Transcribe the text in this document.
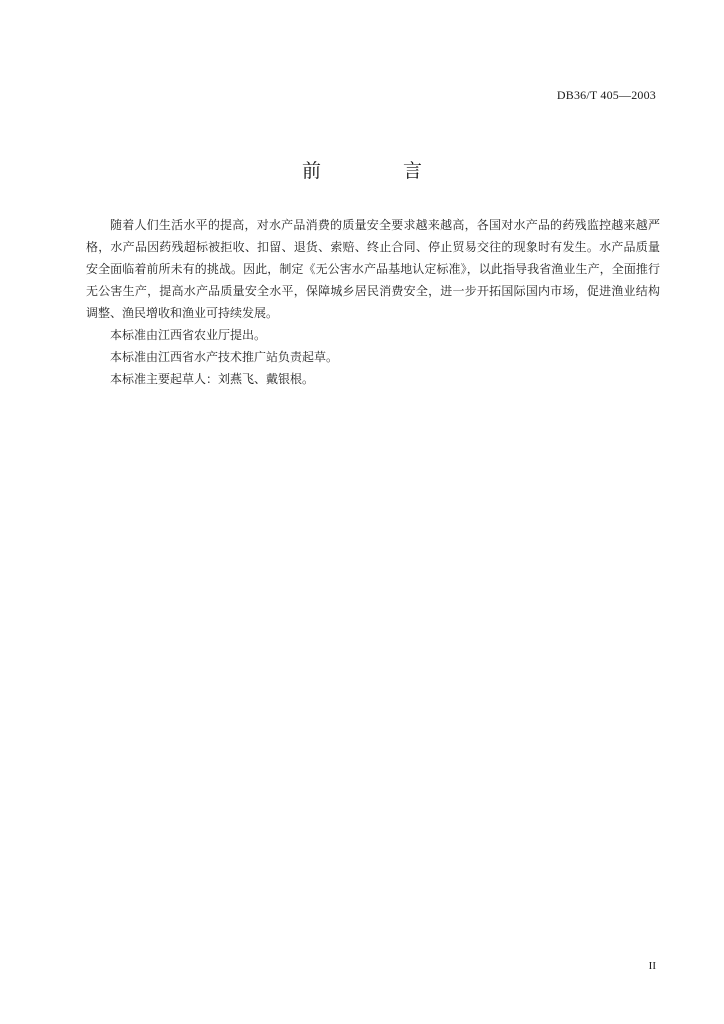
DB36/T 405—2003
前 言

随着人们生活水平的提高，对水产品消费的质量安全要求越来越高，各国对水产品的药残监控越来越严格，水产品因药残超标被拒收、扣留、退货、索赔、终止合同、停止贸易交往的现象时有发生。水产品质量安全面临着前所未有的挑战。因此，制定《无公害水产品基地认定标准》，以此指导我省渔业生产，全面推行无公害生产，提高水产品质量安全水平，保障城乡居民消费安全，进一步开拓国际国内市场，促进渔业结构调整、渔民增收和渔业可持续发展。

本标准由江西省农业厅提出。

本标准由江西省水产技术推广站负责起草。

本标准主要起草人：刘燕飞、戴银根。

II
